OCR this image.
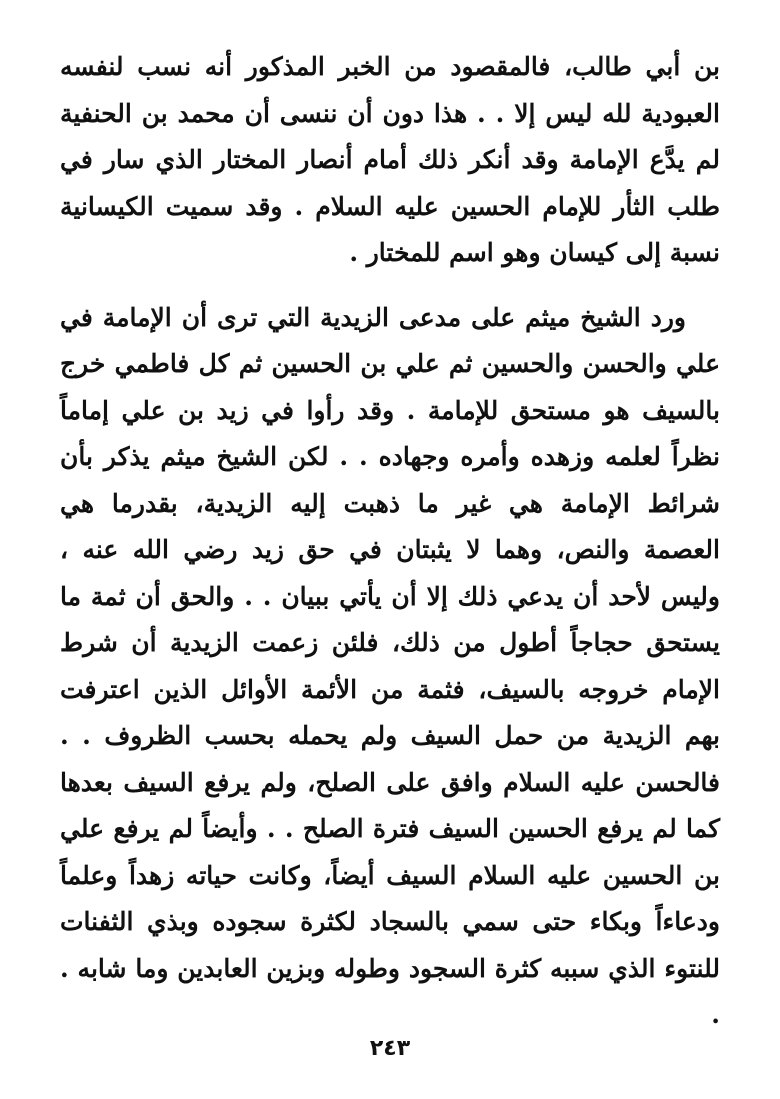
بن أبي طالب، فالمقصود من الخبر المذكور أنه نسب لنفسه العبودية لله ليس إلا . . هذا دون أن ننسى أن محمد بن الحنفية لم يدَّع الإمامة وقد أنكر ذلك أمام أنصار المختار الذي سار في طلب الثأر للإمام الحسين عليه السلام . وقد سميت الكيسانية نسبة إلى كيسان وهو اسم للمختار .

ورد الشيخ ميثم على مدعى الزيدية التي ترى أن الإمامة في علي والحسن والحسين ثم علي بن الحسين ثم كل فاطمي خرج بالسيف هو مستحق للإمامة . وقد رأوا في زيد بن علي إماماً نظراً لعلمه وزهده وأمره وجهاده . . لكن الشيخ ميثم يذكر بأن شرائط الإمامة هي غير ما ذهبت إليه الزيدية، بقدرما هي العصمة والنص، وهما لا يثبتان في حق زيد رضي الله عنه ، وليس لأحد أن يدعي ذلك إلا أن يأتي ببيان . . والحق أن ثمة ما يستحق حجاجاً أطول من ذلك، فلئن زعمت الزيدية أن شرط الإمام خروجه بالسيف، فثمة من الأئمة الأوائل الذين اعترفت بهم الزيدية من حمل السيف ولم يحمله بحسب الظروف . . فالحسن عليه السلام وافق على الصلح، ولم يرفع السيف بعدها كما لم يرفع الحسين السيف فترة الصلح . . وأيضاً لم يرفع علي بن الحسين عليه السلام السيف أيضاً، وكانت حياته زهداً وعلماً ودعاءاً وبكاء حتى سمي بالسجاد لكثرة سجوده وبذي الثفنات للنتوء الذي سببه كثرة السجود وطوله وبزين العابدين وما شابه . .

٢٤٣
